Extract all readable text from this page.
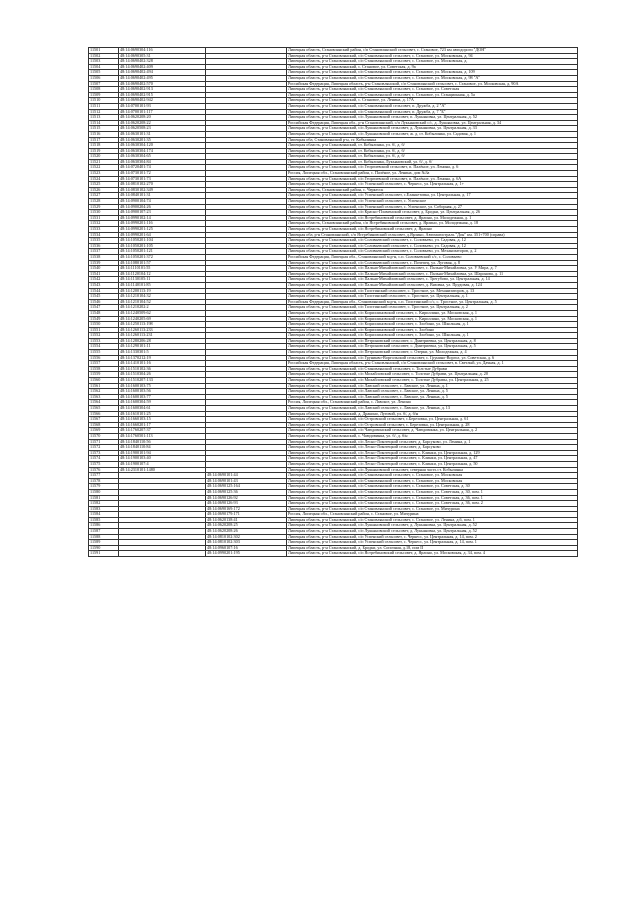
11501	48:14:0690304:116		Липецкая область, Становлянский район, с/п Становлянский сельсовет, с. Становое, 723 км автодороги "ДОН"
11502	48:14:0690305:31		Липецкая область, р-н Становлянский, с/п Становлянский сельсовет, с. Становое, ул. Московская, д. 94
11503	48:14:0690402:328		Липецкая область, р-н Становлянский, с/п Становлянский сельсовет, с. Становое, ул. Московская, д.
11504	48:14:0690402:409		Липецкая область, р-н Становлянский, с. Становое, ул. Советская, д. 9а
11505	48:14:0690402:494		Липецкая область, р-н Становлянский, с/п Становлянский сельсовет, с. Становое, ул. Московская, д. 109
11506	48:14:0690402:495		Липецкая область, р-н Становлянский, с/п Становлянский сельсовет, с. Становое, ул. Московская, д. 98 "А"
11507	48:14:0690402:570		Российская Федерация, Липецкая область, р-н Становлянский, с/п Становлянский сельсовет, с. Становое, ул. Московская, д. 90А
11508	48:14:0690402:913		Липецкая область, р-н Становлянский, с/п Становлянский сельсовет, с. Становое, ул. Советская
11509	48:14:0690402:915		Липецкая область, р-н Становлянский, с/п Становлянский сельсовет, с. Становое, ул. Станционная, д. 5а
11510	48:14:0690402:942		Липецкая область, р-н Становлянский, с. Становое, ул. Ленина, д. 17А
11511	48:14:0700101:93		Липецкая область, р-н Становлянский, с/п Становлянский сельсовет, п. Дружба, д. 2 "А"
11512	48:14:0700101:117		Липецкая область, р-н Становлянский, с/п Становлянский сельсовет, п. Дружба, д. 7 "Б"
11513	48:14:0620208:20		Липецкая область, р-н Становлянский, с/п Лукьяновский сельсовет, п. Лукьяновка, ул. Центральная, д. 52
11514	48:14:0620208:22		Российская Федерация, Липецкая обл., р-н Становлянский, с/п Лукьяновский с/с, д. Лукьяновка, ул. Центральная, д. 34
11515	48:14:0620508:23		Липецкая область, р-н Становлянский, с/п Лукьяновский сельсовет, д. Лукьяновка, ул. Центральная, д. 33
11516	48:14:0630101:31		Липецкая область, р-н Становлянский, с/п Лукьяновский сельсовет, ж. д. ст. Кобылинка, ул. Садовая, д. 1
11517	48:14:0630201:35		Липецкая обл, Становлянский р-н, ст. Кобылинка
11518	48:14:0630304:120		Липецкая область, р-н Становлянский, ст. Кобылинка, ул. б/, д. б/
11519	48:14:0630304:174		Липецкая область, р-н Становлянский, ст. Кобылинка, ул. б/, д. б/
11520	48:14:0630304:65		Липецкая область, р-н Становлянский, ст. Кобылинка, ул. б/, д. б/
11521	48:14:0630304:84		Липецкая область, р-н Становлянский, ст. Кобылинка, Лукьяновский, ул. б/, д. б/
11522	48:14:0720401:74		Липецкая область, р-н Становлянский, с/п Георгиевский сельсовет, п. Палёное, ул. Ленина, д. 6
11523	48:14:0730101:72		Россия, Липецкая обл., Становлянский район, с. Палёное, ул. Ленина, дом №3а
11524	48:14:0730101:73		Липецкая область, р-н Становлянский, с/п Георгиевский сельсовет, п. Палёное, ул. Ленина, д. 6А
11525	48:14:0810102:270		Липецкая область, р-н Становлянский, с/п Успенский сельсовет, с. Черкесс, ул. Центральная, д. 1+
11526	48:14:0830102:349		Липецкая область, Становлянский район, с. Черкесск
11527	48:14:0840101:31		Липецкая область, р-н Становлянский, с/п Успенский сельсовет, с.Еланкетовка, ул. Центральная, д. 17
11528	48:14:0900104:74		Липецкая область, р-н Становлянский, с/п Успенский сельсовет, с. Успенское
11529	48:14:0900204:26		Липецкая область, р-н Становлянский, с/п Успенский сельсовет, с. Успенское, ул. Соборная, д. 27
11530	48:14:0900107:23		Липецкая область, р-н Становлянский, с/п Красно-Пламенский сельсовет, д. Бродки, ул. Центральная, д. 26
11531	48:14:0990102:14		Липецкая область, р-н Становлянский, с/п Ястребиновский сельсовет, д. Ярлино, ул. Молодежная, д. 1
11532	48:14:0990201:116		Липецкая область, Становлянский район, с/п Ястребиновский сельсовет, д. Ярлино, ул. Молодежная, д. 18
11533	48:14:0990201:125		Липецкая область, р-н Становлянский, с/п Ястребиновский сельсовет, д. Ярлино
11534	48:14:0990201:64		Липецкая обл, р-н Становлянский, с/п Ястребиновский сельсовет, д.Ярлино, Автомагистраль "Дон" км. 351+700 (справа)
11535	48:14:1050201:104		Липецкая область, р-н Становлянский, с/п Соловьевский сельсовет, с. Соловьево, ул. Садовая, д. 12
11536	48:14:1050201:105		Липецкая область, р-н Становлянский, с/п Соловьевский сельсовет, с. Соловьево, ул. Садовая, д. 12
11537	48:14:1050201:121		Липецкая область, р-н Становлянский, с/п Соловьевский сельсовет, с. Соловьево, ул. Механизаторов, д. 2
11538	48:14:1050201:372		Российская Федерация, Липецкая обл., Становлянский м.р-н, с.п. Соловьевский с/с, с. Соловьево
11539	48:14:1080101:57		Липецкая область, р-н Становлянский, с/п Соловьевский сельсовет, с. Почепец, ул. Луговая, д. 8
11540	48:14:1110101:55		Липецкая область, р-н Становлянский, с/п Пальна-Михайловский сельсовет, с. Пальна-Михайловка, ул. У Мира, д. 7
11541	48:14:1120104:12		Липецкая область, р-н Становлянский, с/п Пальна-Михайловский сельсовет, с. Пальна-Михайловка, ул. Шаронова, д. 11
11542	48:14:1130105:11		Липецкая область, р-н Становлянский, с/п Пальна-Михайловский сельсовет, с. Трегубово, ул. Центральная, д. 14
11543	48:14:1140101:85		Липецкая область, р-н Становлянский, с/п Пальна-Михайловский сельсовет, д. Вязовка, ул. Прудовая, д. 124
11544	48:14:1200113:19		Липецкая область, р-н Становлянский, с/п Толстинский сельсовет, с. Тростное, ул. Механизаторов, д. 13
11545	48:14:1210104:32		Липецкая область, р-н Становлянский, с/п Толстинский сельсовет, с. Тростное, ул. Центральная, д. 1
11546	48:14:1210104:52		Российская Федерация, Липецкая обл., Становлянский м.р-н, с.п. Толстинский с/с, с. Тростное, ул. Центральная, д. 5
11547	48:14:1210202:2		Липецкая область, р-н Становлянский, с/п Толстинский сельсовет, с. Тростное, ул. Центральная, д. 2
11548	48:14:1240509:62		Липецкая область, р-н Становлянский, с/п Кириллиновский сельсовет, с. Кириллино, ул. Московская, д. 1
11549	48:14:1240205:69		Липецкая область, р-н Становлянский, с/п Кириллиновский сельсовет, с. Кириллино, ул. Московская, д. 1
11550	48:14:1250113:198		Липецкая область, р-н Становлянский, с/п Кириллиновский сельсовет, с. Злобино, ул. Школьная, д. 1
11551	48:14:1260113:233		Липецкая область, р-н Становлянский, с/п Кириллиновский сельсовет, с. Злобино
11552	48:14:1260113:231		Липецкая область, р-н Становлянский, с/п Кириллиновский сельсовет, с. Злобино, ул. Школьная, д. 1
11553	48:14:1280206:28		Липецкая область, р-н Становлянский, с/п Петриновский сельсовет, с. Дмитриевка, ул. Центральная, д. 8
11554	48:14:1290101:11		Липецкая область, р-н Становлянский, с/п Петриновский сельсовет, с. Дмитриевка, ул. Центральная, д. 5
11555	48:14:1330301:5		Липецкая область, р-н Становлянский, с/п Петриновский сельсовет, с. Озерки, ул. Молодежная, д. 4
11556	48:14:1370212:19		Липецкая область, р-н Становлянский, с/п Грунинво-Воргольский сельсовет, с. Грунино-Воргол, ул. Советская, д. 6
11557	48:14:1410101:16		Российская Федерация, Липецкая область, р-н Становлянский, с/п Становлянский сельсовет, в. Светлый, ул. Дачная, д. 1
11558	48:14:1510102:36		Липецкая область, р-н Становлянский, с/п Становлянский сельсовет, с. Толстые Дубрави
11559	48:14:1510304:26		Липецкая область, р-н Становлянский, с/п Михайловский сельсовет, с. Толстые Дубрави, ул. Центральная, д. 20
11560	48:14:1510207:133		Липецкая область, р-н Становлянский, с/п Михайловский сельсовет, с. Толстые Дубравы, ул. Центральная, д. 25
11561	48:14:1600103:75		Липецкая область, р-н Становлянский, с/п Лавский сельсовет, с. Лавское, ул. Ленина, д. 1
11562	48:14:1600103:56		Липецкая область, р-н Становлянский, с/п Лавский сельсовет, с. Лавское, ул. Ленина, д. 5
11563	48:14:1600103:77		Липецкая область, р-н Становлянский, с/п Лавский сельсовет, с. Лавское, ул. Ленина, д. 5
11564	48:14:1600304:59		Россия, Липецкая обл., Становлянский район, с. Лавское, ул. Ленина
11565	48:14:1600304:61		Липецкая область, р-н Становлянский, с/п Лавский сельсовет, с. Лавское, ул. Ленина, д. 13
11566	48:14:1610101:25		Липецкая область, р-н Становлянский, д. Дракино, Луговой, ул. б/, д. б/н
11567	48:14:1660103:15		Липецкая область, р-н Становлянский, с/п Островский сельсовет, с.Березовка, ул. Центральная, д. 61
11568	48:14:1660201:17		Липецкая область, р-н Становлянский, с/п Островский сельсовет, с. Березовка, ул. Центральная, д. 28
11569	48:14:1760207:37		Липецкая область, р-н Становлянский, с/п Чаюдовинский сельсовет, д. Чаюдовинка, ул. Центральная, д. 2
11570	48:14:1760501:113		Липецкая область, р-н Становлянский, с. Чаюдовинка, ул. б/, д. б/н
11571	48:14:1840110:56		Липецкая область, р-н Становлянский, с/п Лесно-Локотецкий сельсовет, д. Барсуково, ул. Ленина, д. 1
11572	48:14:1840110:84		Липецкая область, р-н Становлянский, с/п Лесно-Локотецкий сельсовет, д. Барсуково
11573	48:14:1900101:94		Липецкая область, р-н Становлянский, с/п Лесно-Локотецкий сельсовет, с. Клинки, ул. Центральная, д. 129
11574	48:14:1900103:40		Липецкая область, р-н Становлянский, с/п Лесно-Локотецкий сельсовет, с. Клинки, ул. Центральная, д. 47
11575	48:14:1900107:4		Липецкая область, р-н Становлянский, с/п Лесно-Локотецкий сельсовет, с. Клинки, ул. Центральная, д. 50
11576	48:14:2310101:1480		Липецкая область, р-н Становлянский, с/п Лукьяновский сельсовет, северная часть ст. Кобылинка
11577		48:14:0690101:44	Липецкая область, р-н Становлянский, с/п Становлянский сельсовет, с. Становое, ул. Московская
11578		48:14:0690101:43	Липецкая область, р-н Становлянский, с/п Становлянский сельсовет, с. Становое, ул. Московская
11579		48:14:0690125:164	Липецкая область, р-н Становлянский, с/п Становлянский сельсовет, с. Становое, ул. Советская, д. 30
11580		48:14:0690125:36	Липецкая область, р-н Становлянский, с/п Становлянский сельсовет, с. Становое, ул. Советская, д. 30, пом. 1
11581		48:14:0690126:92	Липецкая область, р-н Становлянский, с/п Становлянский сельсовет, с. Становое, ул. Советская, д. 36, пом. 1
11582		48:14:0690126:93	Липецкая область, р-н Становлянский, с/п Становлянский сельсовет, с. Становое, ул. Советская, д. 36, пом. 2
11583		48:14:0690169:172	Липецкая область, р-н Становлянский, с/п Становлянский сельсовет, с. Становое, ул. Мичурина
11584		48:14:0690179:171	Россия, Липецкая обл., Становлянский район, с. Становое, ул. Мичурина
11585		48:14:0620138:41	Липецкая область, р-н Становлянский, с/п Становлянский сельсовет, с. Становое, ул. Ленина, д.6, пом. 1
11586		48:14:0620208:25	Липецкая область, р-н Становлянский, с/п Лукьяновский сельсовет, д. Лукьяновка, ул. Центральная, д. 52
11587		48:14:0620208:26	Липецкая область, р-н Становлянский, с/п Лукьяновский сельсовет, д. Лукьяновка, ул. Центральная, д. 52
11588		48:14:0810102:302	Липецкая область, р-н Становлянский, с/п Успенский сельсовет, с. Черкесс, ул. Центральная, д. 14, пом. 2
11589		48:14:0810102:303	Липецкая область, р-н Становлянский, с/п Успенский сельсовет, с. Черкесс, ул. Центральная, д. 14, пом. 1
11590		48:14:0960107:16	Липецкая область, р-н Становлянский, д. Бродки, ул. Сопочная, д.18, пом II
11591		48:14:0990201:195	Липецкая область, р-н Становлянский, с/п Ястребиновский сельсовет, д. Ярлино, ул. Московская, д. 34, пом. 4
